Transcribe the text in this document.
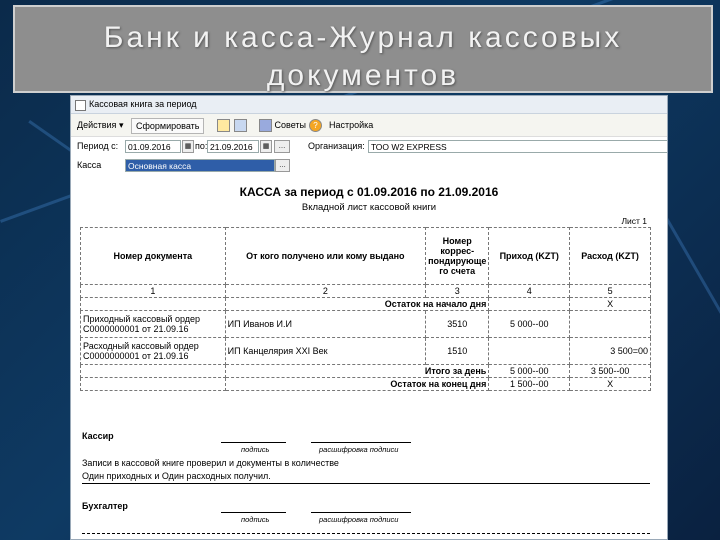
Банк и касса-Журнал кассовых документов
Кассовая книга за период
Действия ▾	Сформировать	Советы ?	Настройка
Период с:	01.09.2016	▦ по: 21.09.2016	▦	…	Организация: ТОО W2 EXPRESS
Касса	Основная касса	…
КАССА за период с 01.09.2016 по 21.09.2016
Вкладной лист кассовой книги
Лист 1
Номер документа	От кого получено или кому выдано	Номер коррес-пондирующе го счета	Приход (KZT)	Расход (KZT)
1	2	3	4	5
	Остаток на начало дня			X
Приходный кассовый ордер С0000000001 от 21.09.16	ИП Иванов И.И	3510	5 000--00	
Расходный кассовый ордер С0000000001 от 21.09.16	ИП Канцелярия XXI Век	1510		3 500=00
	Итого за день		5 000--00	3 500--00
	Остаток на конец дня		1 500--00	X
Кассир
подпись	расшифровка подписи
Записи в кассовой книге проверил и документы в количестве
Один приходных и Один расходных получил.
Бухгалтер
подпись	расшифровка подписи
